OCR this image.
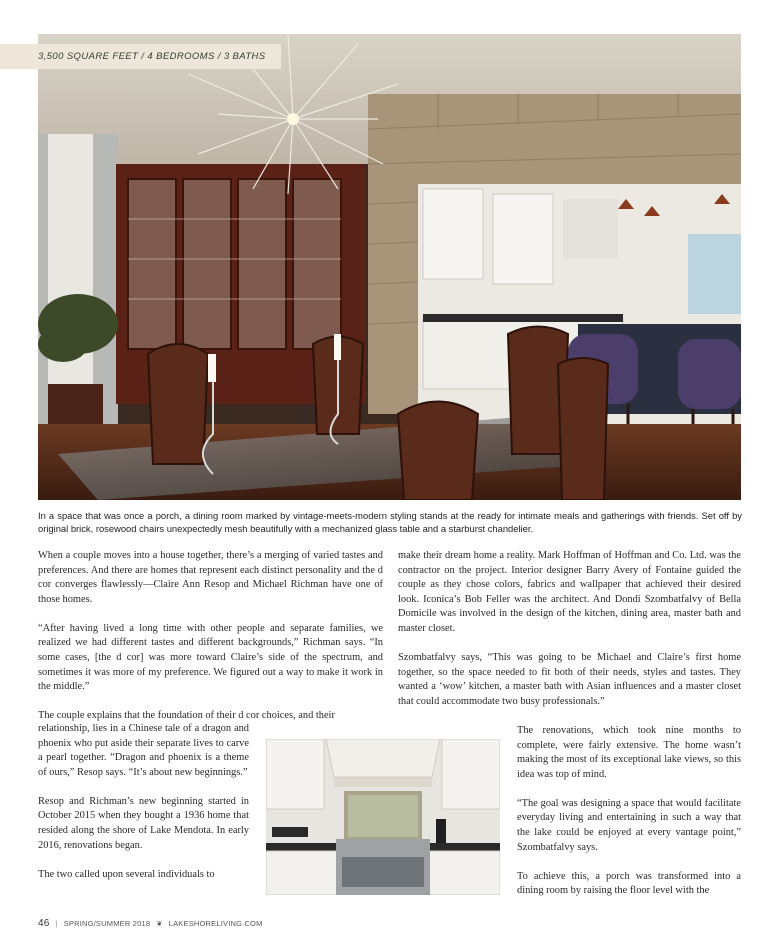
3,500 SQUARE FEET / 4 BEDROOMS / 3 BATHS
In a space that was once a porch, a dining room marked by vintage-meets-modern styling stands at the ready for intimate meals and gatherings with friends. Set off by original brick, rosewood chairs unexpectedly mesh beautifully with a mechanized glass table and a starburst chandelier.

When a couple moves into a house together, there’s a merging of varied tastes and preferences. And there are homes that represent each distinct personality and the d cor converges flawlessly—Claire Ann Resop and Michael Richman have one of those homes.

“After having lived a long time with other people and separate families, we realized we had different tastes and different backgrounds,” Richman says. “In some cases, [the d cor] was more toward Claire’s side of the spectrum, and sometimes it was more of my preference. We figured out a way to make it work in the middle.”

The couple explains that the foundation of their d cor choices, and their

relationship, lies in a Chinese tale of a dragon and phoenix who put aside their separate lives to carve a pearl together. “Dragon and phoenix is a theme of ours,” Resop says. “It’s about new beginnings.”

Resop and Richman’s new beginning started in October 2015 when they bought a 1936 home that resided along the shore of Lake Mendota. In early 2016, renovations began.

The two called upon several individuals to

make their dream home a reality. Mark Hoffman of Hoffman and Co. Ltd. was the contractor on the project. Interior designer Barry Avery of Fontaine guided the couple as they chose colors, fabrics and wallpaper that achieved their desired look. Iconica’s Bob Feller was the architect. And Dondi Szombatfalvy of Bella Domicile was involved in the design of the kitchen, dining area, master bath and master closet.

Szombatfalvy says, “This was going to be Michael and Claire’s first home together, so the space needed to fit both of their needs, styles and tastes. They wanted a ‘wow’ kitchen, a master bath with Asian influences and a master closet that could accommodate two busy professionals.”

The renovations, which took nine months to complete, were fairly extensive. The home wasn’t making the most of its exceptional lake views, so this idea was top of mind.

“The goal was designing a space that would facilitate everyday living and entertaining in such a way that the lake could be enjoyed at every vantage point,” Szombatfalvy says.

To achieve this, a porch was transformed into a dining room by raising the floor level with the

46 | SPRING/SUMMER 2018 ❦ LAKESHORELIVING.COM
